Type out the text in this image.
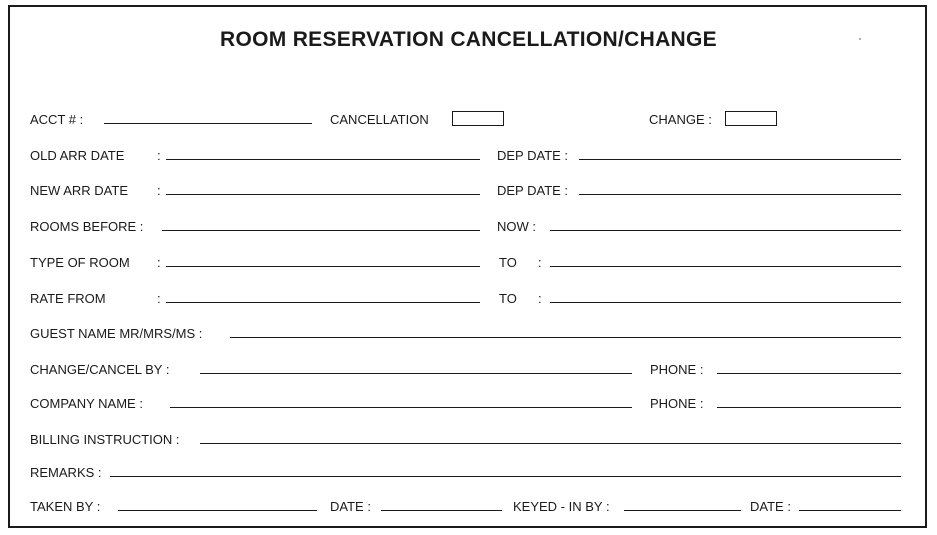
ROOM RESERVATION CANCELLATION/CHANGE
ACCT # :	CANCELLATION	CHANGE :
OLD ARR DATE	:	DEP DATE :
NEW ARR DATE :	DEP DATE :
ROOMS BEFORE :	NOW :
TYPE OF ROOM :	TO :
RATE FROM	:	TO :
GUEST NAME MR/MRS/MS :
CHANGE/CANCEL BY :	PHONE :
COMPANY NAME :	PHONE :
BILLING INSTRUCTION :
REMARKS :
TAKEN BY :	DATE :	KEYED - IN BY :	DATE :
